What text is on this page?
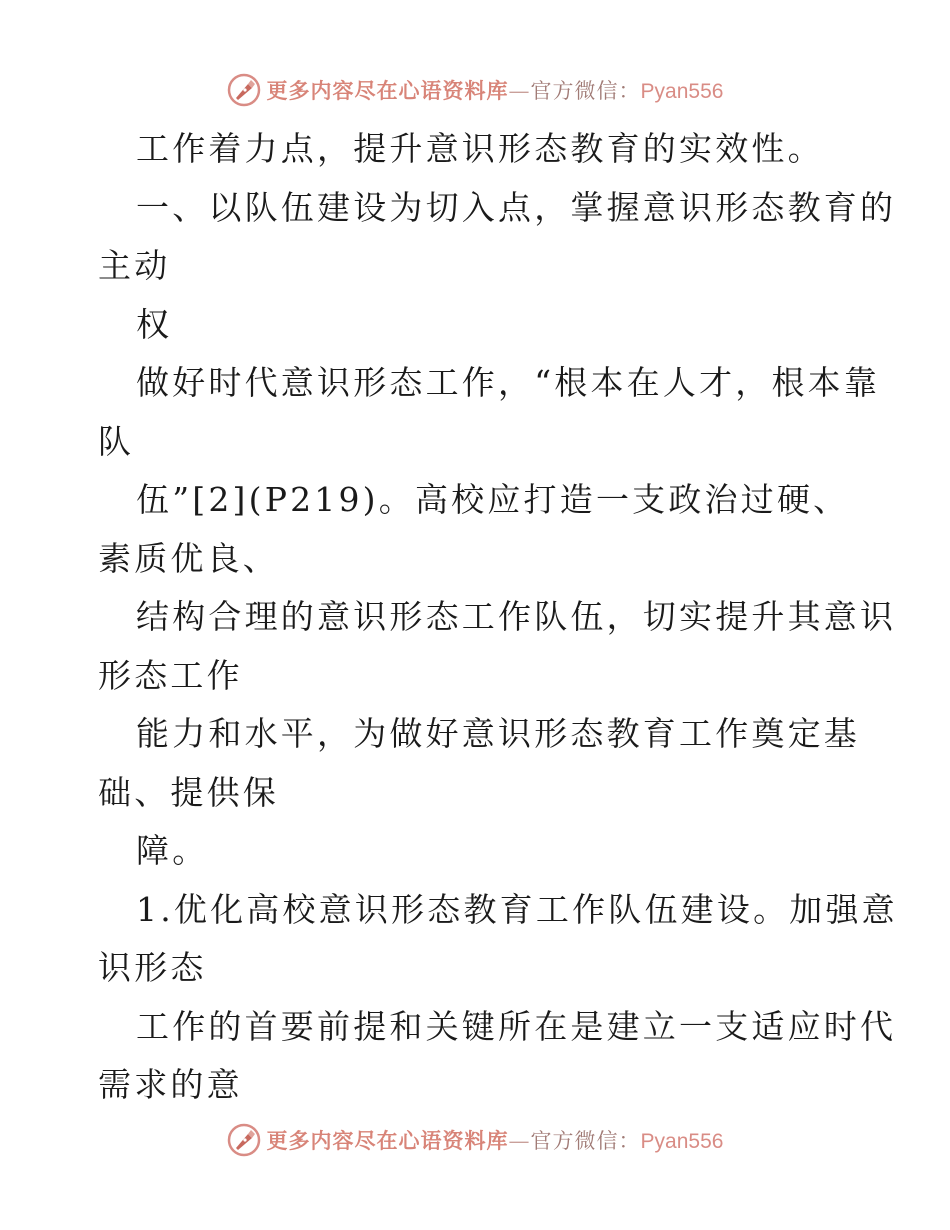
更多内容尽在心语资料库—官方微信：Pyan556
工作着力点，提升意识形态教育的实效性。
一、以队伍建设为切入点，掌握意识形态教育的
主动
权
做好时代意识形态工作，“根本在人才，根本靠
队
伍”[2](P219)。高校应打造一支政治过硬、
素质优良、
结构合理的意识形态工作队伍，切实提升其意识
形态工作
能力和水平，为做好意识形态教育工作奠定基
础、提供保
障。
1.优化高校意识形态教育工作队伍建设。加强意
识形态
工作的首要前提和关键所在是建立一支适应时代
需求的意
更多内容尽在心语资料库—官方微信：Pyan556
